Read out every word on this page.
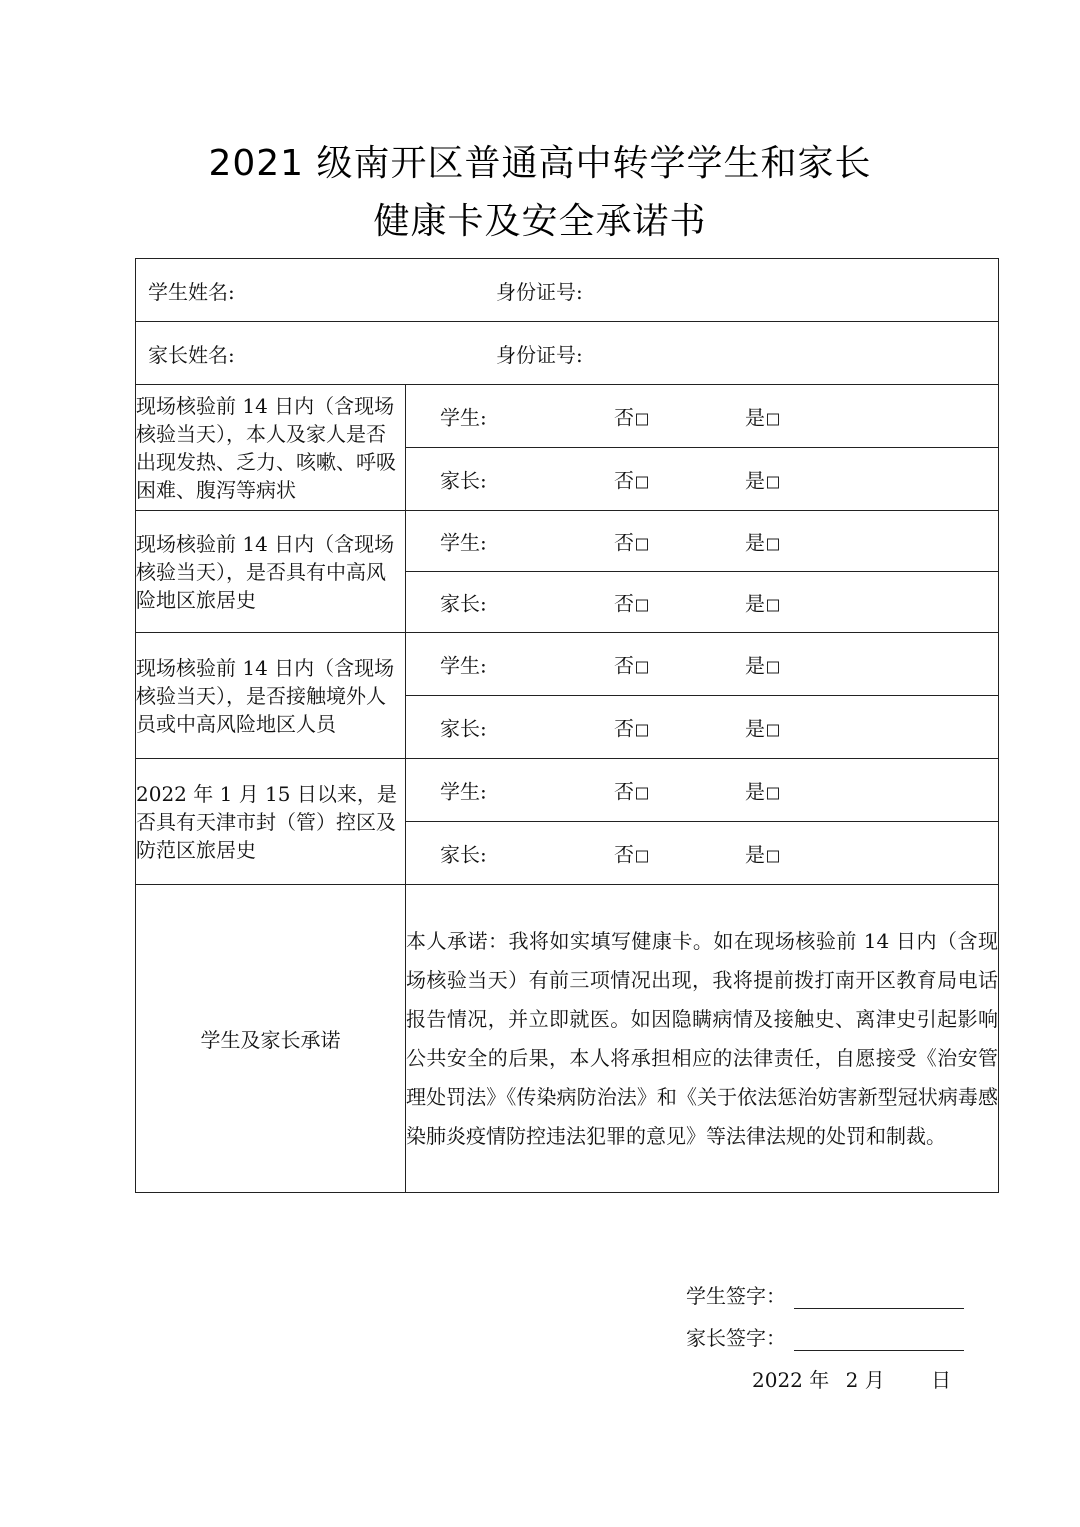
2021 级南开区普通高中转学学生和家长
健康卡及安全承诺书
学生姓名: 身份证号:	
家长姓名: 身份证号:	
现场核验前 14 日内（含现场核验当天），本人及家人是否出现发热、乏力、咳嗽、呼吸困难、腹泻等病状	学生: 否 是

	家长: 否 是

现场核验前 14 日内（含现场核验当天），是否具有中高风险地区旅居史	学生: 否 是

	家长: 否 是

现场核验前 14 日内（含现场核验当天），是否接触境外人员或中高风险地区人员	学生: 否 是

	家长: 否 是

2022 年 1 月 15 日以来，是否具有天津市封（管）控区及防范区旅居史	学生: 否 是

	家长: 否 是

学生及家长承诺	本人承诺：我将如实填写健康卡。如在现场核验前 14 日内（含现场核验当天）有前三项情况出现，我将提前拨打南开区教育局电话报告情况，并立即就医。如因隐瞒病情及接触史、离津史引起影响公共安全的后果，本人将承担相应的法律责任，自愿接受《治安管理处罚法》《传染病防治法》和《关于依法惩治妨害新型冠状病毒感染肺炎疫情防控违法犯罪的意见》等法律法规的处罚和制裁。
学生签字：
家长签字：
2022 年 2 月 日
